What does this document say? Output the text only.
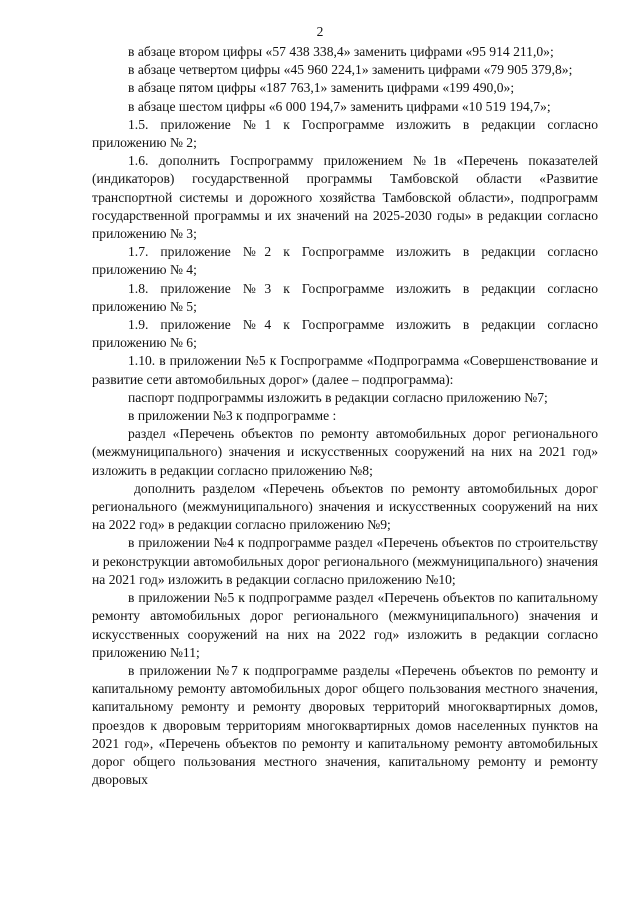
2

в абзаце втором цифры «57 438 338,4» заменить цифрами «95 914 211,0»;

в абзаце четвертом цифры «45 960 224,1» заменить цифрами «79 905 379,8»;

в абзаце пятом цифры «187 763,1» заменить цифрами «199 490,0»;

в абзаце шестом цифры «6 000 194,7» заменить цифрами «10 519 194,7»;

1.5. приложение №1 к Госпрограмме изложить в редакции согласно приложению № 2;

1.6. дополнить Госпрограмму приложением №1в «Перечень показателей (индикаторов) государственной программы Тамбовской области «Развитие транспортной системы и дорожного хозяйства Тамбовской области», подпрограмм государственной программы и их значений на 2025-2030 годы» в редакции согласно приложению № 3;

1.7. приложение №2 к Госпрограмме изложить в редакции согласно приложению № 4;

1.8. приложение №3 к Госпрограмме изложить в редакции согласно приложению № 5;

1.9. приложение №4 к Госпрограмме изложить в редакции согласно приложению № 6;

1.10. в приложении №5 к Госпрограмме «Подпрограмма «Совершенствование и развитие сети автомобильных дорог» (далее – подпрограмма):

паспорт подпрограммы изложить в редакции согласно приложению №7;

в приложении №3 к подпрограмме :

раздел «Перечень объектов по ремонту автомобильных дорог регионального (межмуниципального) значения и искусственных сооружений на них на 2021 год» изложить в редакции согласно приложению №8;

дополнить разделом «Перечень объектов по ремонту автомобильных дорог регионального (межмуниципального) значения и искусственных сооружений на них на 2022 год» в редакции согласно приложению №9;

в приложении №4 к подпрограмме раздел «Перечень объектов по строительству и реконструкции автомобильных дорог регионального (межмуниципального) значения на 2021 год» изложить в редакции согласно приложению №10;

в приложении №5 к подпрограмме раздел «Перечень объектов по капитальному ремонту автомобильных дорог регионального (межмуниципального) значения и искусственных сооружений на них на 2022 год» изложить в редакции согласно приложению №11;

в приложении №7 к подпрограмме разделы «Перечень объектов по ремонту и капитальному ремонту автомобильных дорог общего пользования местного значения, капитальному ремонту и ремонту дворовых территорий многоквартирных домов, проездов к дворовым территориям многоквартирных домов населенных пунктов на 2021 год», «Перечень объектов по ремонту и капитальному ремонту автомобильных дорог общего пользования местного значения, капитальному ремонту и ремонту дворовых
